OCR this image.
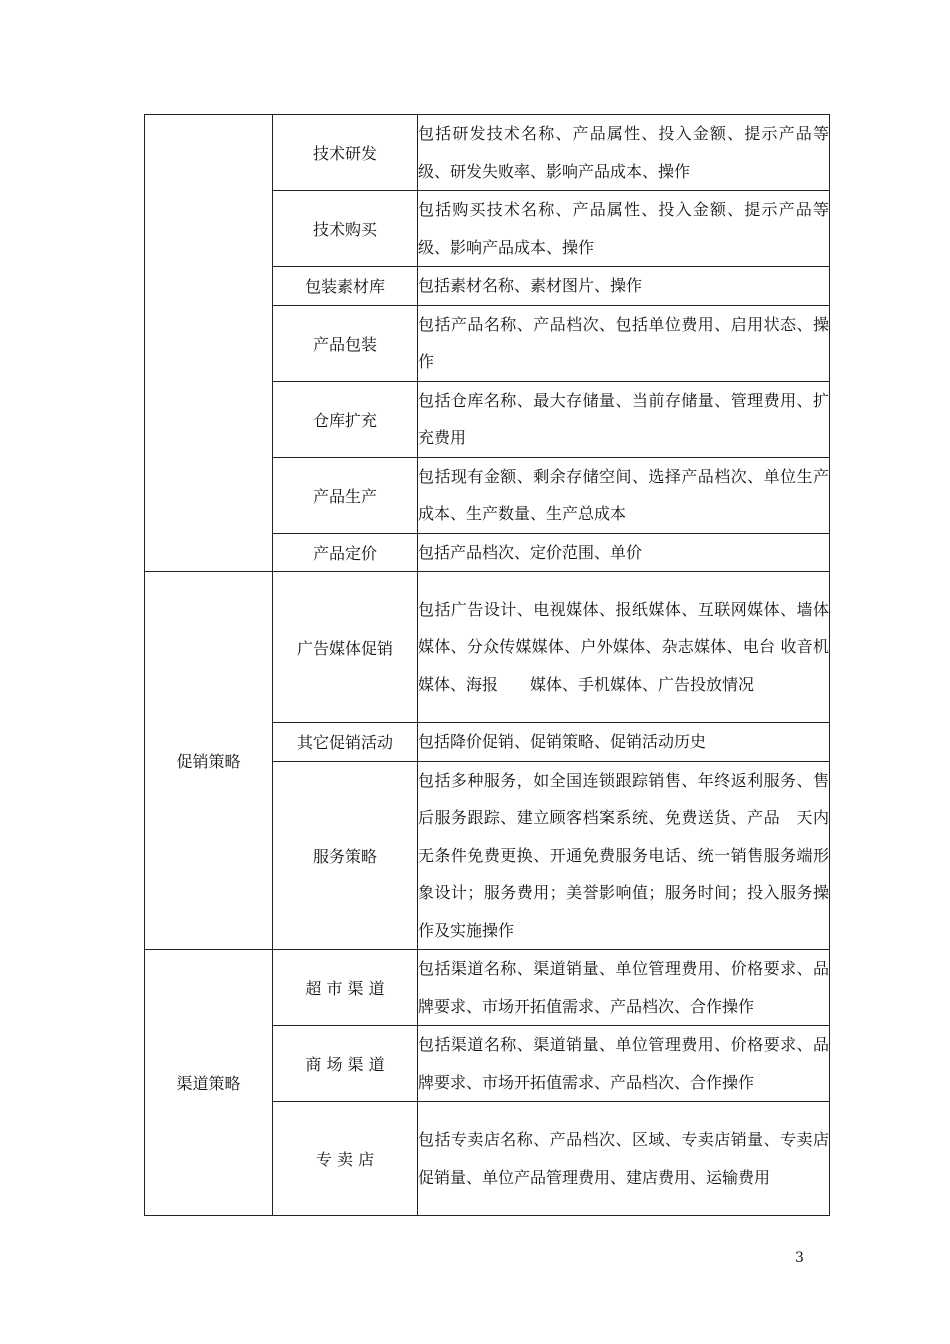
	技术研发	包括研发技术名称、产品属性、投入金额、提示产品等级、研发失败率、影响产品成本、操作
	技术购买	包括购买技术名称、产品属性、投入金额、提示产品等级、影响产品成本、操作
	包装素材库	包括素材名称、素材图片、操作
	产品包装	包括产品名称、产品档次、包括单位费用、启用状态、操作
	仓库扩充	包括仓库名称、最大存储量、当前存储量、管理费用、扩充费用
	产品生产	包括现有金额、剩余存储空间、选择产品档次、单位生产成本、生产数量、生产总成本
	产品定价	包括产品档次、定价范围、单价
促销策略	广告媒体促销	包括广告设计、电视媒体、报纸媒体、互联网媒体、墙体媒体、分众传媒媒体、户外媒体、杂志媒体、电台 收音机媒体、海报　　媒体、手机媒体、广告投放情况
	其它促销活动	包括降价促销、促销策略、促销活动历史
	服务策略	包括多种服务，如全国连锁跟踪销售、年终返利服务、售后服务跟踪、建立顾客档案系统、免费送货、产品　天内无条件免费更换、开通免费服务电话、统一销售服务端形象设计；服务费用；美誉影响值；服务时间；投入服务操作及实施操作
渠道策略	超 市 渠 道	包括渠道名称、渠道销量、单位管理费用、价格要求、品牌要求、市场开拓值需求、产品档次、合作操作
	商 场 渠 道	包括渠道名称、渠道销量、单位管理费用、价格要求、品牌要求、市场开拓值需求、产品档次、合作操作
	专 卖 店	包括专卖店名称、产品档次、区域、专卖店销量、专卖店促销量、单位产品管理费用、建店费用、运输费用
3
